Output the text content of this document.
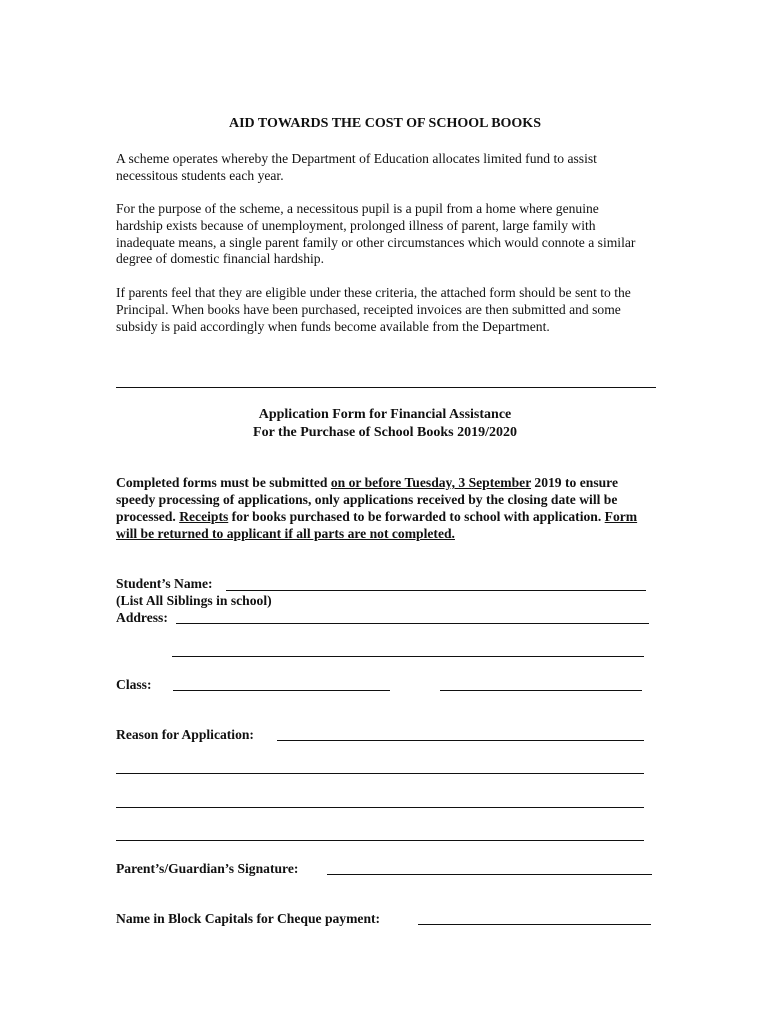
AID TOWARDS THE COST OF SCHOOL BOOKS
A scheme operates whereby the Department of Education allocates limited fund to assist necessitous students each year.
For the purpose of the scheme, a necessitous pupil is a pupil from a home where genuine hardship exists because of unemployment, prolonged illness of parent, large family with inadequate means, a single parent family or other circumstances which would connote a similar degree of domestic financial hardship.
If parents feel that they are eligible under these criteria, the attached form should be sent to the Principal. When books have been purchased, receipted invoices are then submitted and some subsidy is paid accordingly when funds become available from the Department.
Application Form for Financial Assistance
For the Purchase of School Books 2019/2020
Completed forms must be submitted on or before Tuesday, 3 September 2019 to ensure speedy processing of applications, only applications received by the closing date will be processed. Receipts for books purchased to be forwarded to school with application. Form will be returned to applicant if all parts are not completed.
Student’s Name:
(List All Siblings in school)
Address:
Class:
Reason for Application:
Parent’s/Guardian’s Signature:
Name in Block Capitals for Cheque payment:
